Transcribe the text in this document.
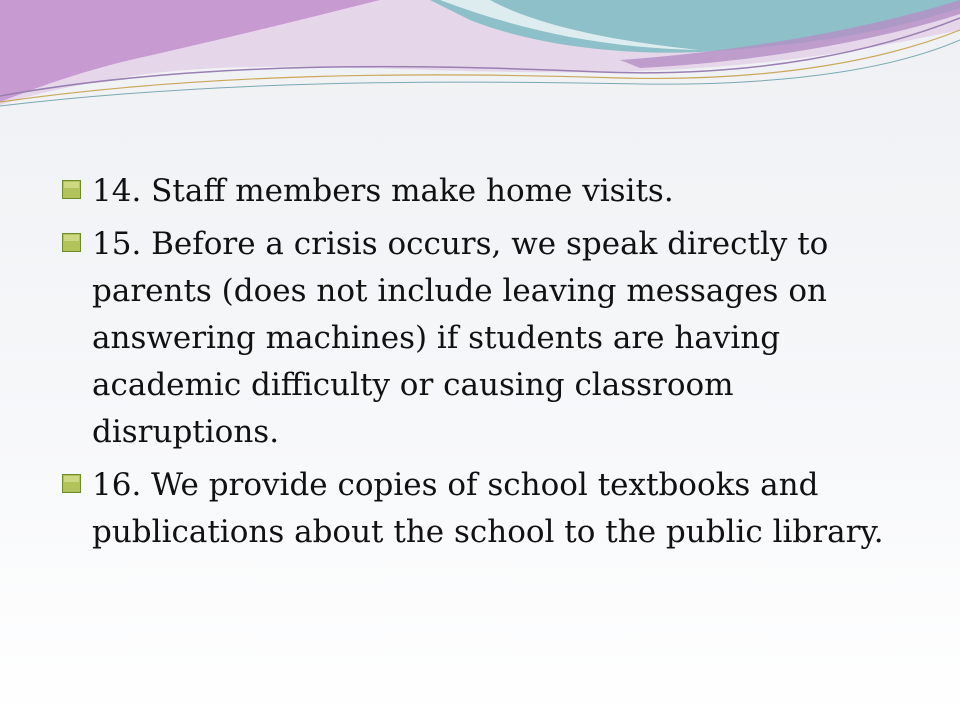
14. Staff members make home visits.
15. Before a crisis occurs, we speak directly to parents (does not include leaving messages on answering machines) if students are having academic difficulty or causing classroom disruptions.
16. We provide copies of school textbooks and publications about the school to the public library.
